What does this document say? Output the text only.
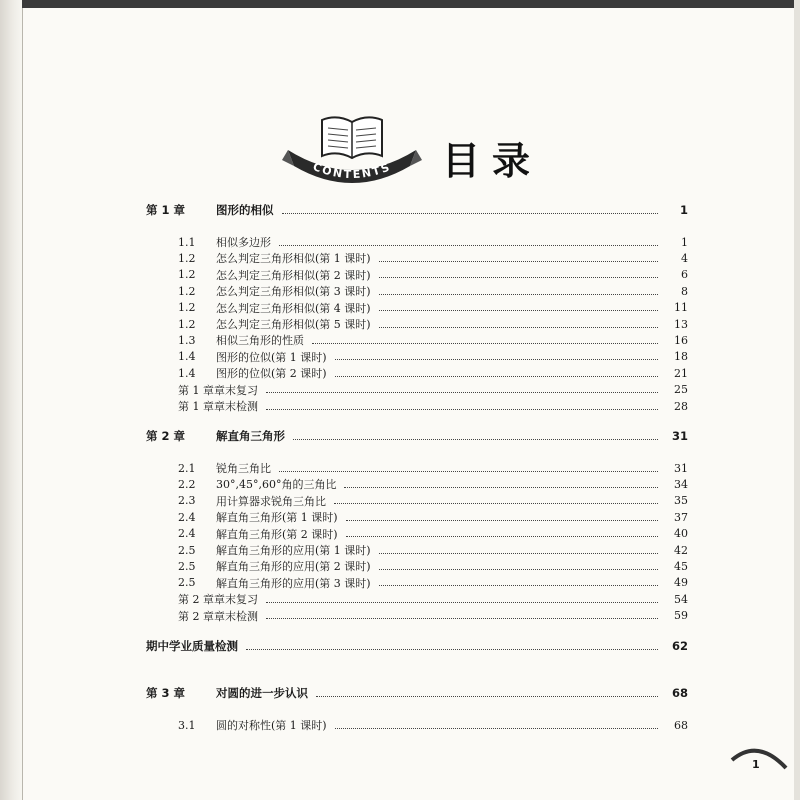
CONTENTS 目录
第 1 章	图形的相似	1
1.1	相似多边形	1
1.2	怎么判定三角形相似(第 1 课时)	4
1.2	怎么判定三角形相似(第 2 课时)	6
1.2	怎么判定三角形相似(第 3 课时)	8
1.2	怎么判定三角形相似(第 4 课时)	11
1.2	怎么判定三角形相似(第 5 课时)	13
1.3	相似三角形的性质	16
1.4	图形的位似(第 1 课时)	18
1.4	图形的位似(第 2 课时)	21
第 1 章章末复习	25
第 1 章章末检测	28
第 2 章	解直角三角形	31
2.1	锐角三角比	31
2.2	30°,45°,60°角的三角比	34
2.3	用计算器求锐角三角比	35
2.4	解直角三角形(第 1 课时)	37
2.4	解直角三角形(第 2 课时)	40
2.5	解直角三角形的应用(第 1 课时)	42
2.5	解直角三角形的应用(第 2 课时)	45
2.5	解直角三角形的应用(第 3 课时)	49
第 2 章章末复习	54
第 2 章章末检测	59
期中学业质量检测	62
第 3 章	对圆的进一步认识	68
3.1	圆的对称性(第 1 课时)	68
1
